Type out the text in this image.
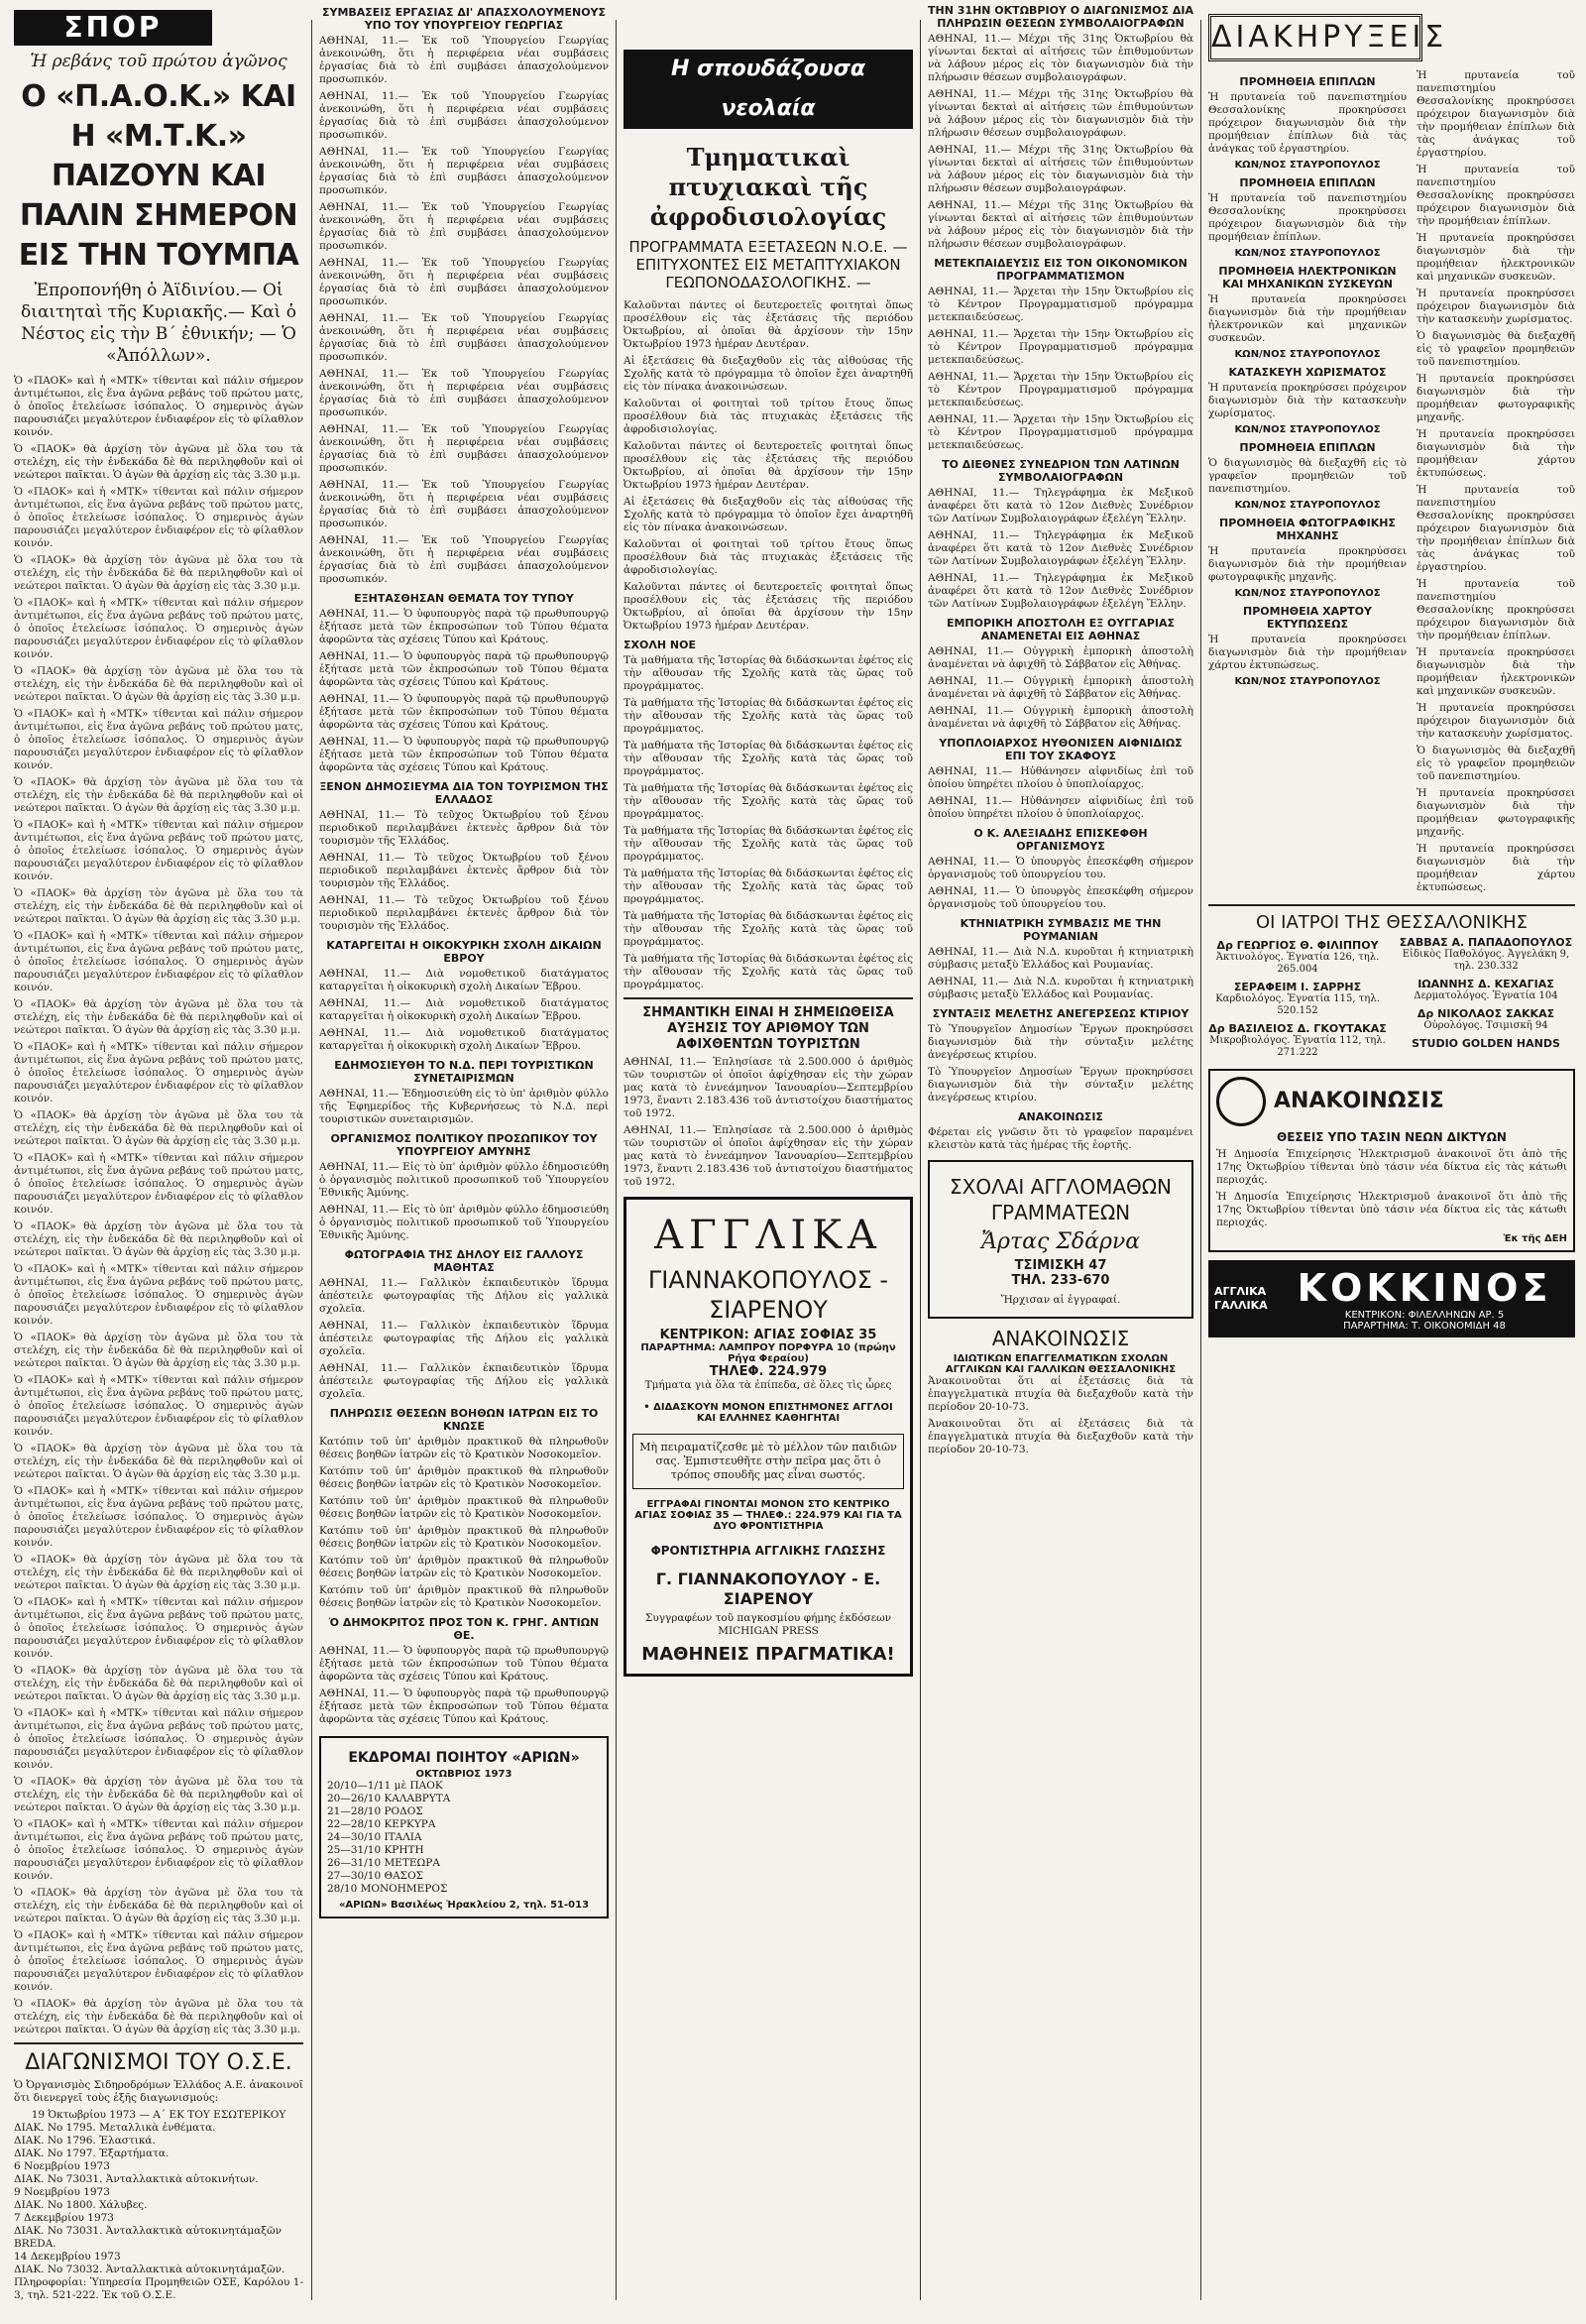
ΣΠΟΡ
Ἡ ρεβάνς τοῦ πρώτου ἀγῶνος
Ο «Π.Α.Ο.Κ.» ΚΑΙ Η «Μ.Τ.Κ.» ΠΑΙΖΟΥΝ ΚΑΙ ΠΑΛΙΝ ΣΗΜΕΡΟΝ ΕΙΣ ΤΗΝ ΤΟΥΜΠΑ
Ἐπροπονήθη ὁ Ἀϊδινίου.— Οἱ διαιτηταὶ τῆς Κυριακῆς.— Καὶ ὁ Νέστος εἰς τὴν Β΄ ἐθνικήν; — Ὁ «Ἀπόλλων».

Ὁ «ΠΑΟΚ» καὶ ἡ «ΜΤΚ» τίθενται καὶ πάλιν σήμερον ἀντιμέτωποι, εἰς ἕνα ἀγῶνα ρεβάνς τοῦ πρώτου ματς, ὁ ὁποῖος ἐτελείωσε ἰσόπαλος. Ὁ σημερινὸς ἀγὼν παρουσιάζει μεγαλύτερον ἐνδιαφέρον εἰς τὸ φίλαθλον κοινόν.

Ὁ «ΠΑΟΚ» θὰ ἀρχίσῃ τὸν ἀγῶνα μὲ ὅλα του τὰ στελέχη, εἰς τὴν ἐνδεκάδα δὲ θὰ περιληφθοῦν καὶ οἱ νεώτεροι παῖκται. Ὁ ἀγὼν θὰ ἀρχίσῃ εἰς τὰς 3.30 μ.μ.

Ὁ «ΠΑΟΚ» καὶ ἡ «ΜΤΚ» τίθενται καὶ πάλιν σήμερον ἀντιμέτωποι, εἰς ἕνα ἀγῶνα ρεβάνς τοῦ πρώτου ματς, ὁ ὁποῖος ἐτελείωσε ἰσόπαλος. Ὁ σημερινὸς ἀγὼν παρουσιάζει μεγαλύτερον ἐνδιαφέρον εἰς τὸ φίλαθλον κοινόν.

Ὁ «ΠΑΟΚ» θὰ ἀρχίσῃ τὸν ἀγῶνα μὲ ὅλα του τὰ στελέχη, εἰς τὴν ἐνδεκάδα δὲ θὰ περιληφθοῦν καὶ οἱ νεώτεροι παῖκται. Ὁ ἀγὼν θὰ ἀρχίσῃ εἰς τὰς 3.30 μ.μ.

Ὁ «ΠΑΟΚ» καὶ ἡ «ΜΤΚ» τίθενται καὶ πάλιν σήμερον ἀντιμέτωποι, εἰς ἕνα ἀγῶνα ρεβάνς τοῦ πρώτου ματς, ὁ ὁποῖος ἐτελείωσε ἰσόπαλος. Ὁ σημερινὸς ἀγὼν παρουσιάζει μεγαλύτερον ἐνδιαφέρον εἰς τὸ φίλαθλον κοινόν.

Ὁ «ΠΑΟΚ» θὰ ἀρχίσῃ τὸν ἀγῶνα μὲ ὅλα του τὰ στελέχη, εἰς τὴν ἐνδεκάδα δὲ θὰ περιληφθοῦν καὶ οἱ νεώτεροι παῖκται. Ὁ ἀγὼν θὰ ἀρχίσῃ εἰς τὰς 3.30 μ.μ.

Ὁ «ΠΑΟΚ» καὶ ἡ «ΜΤΚ» τίθενται καὶ πάλιν σήμερον ἀντιμέτωποι, εἰς ἕνα ἀγῶνα ρεβάνς τοῦ πρώτου ματς, ὁ ὁποῖος ἐτελείωσε ἰσόπαλος. Ὁ σημερινὸς ἀγὼν παρουσιάζει μεγαλύτερον ἐνδιαφέρον εἰς τὸ φίλαθλον κοινόν.

Ὁ «ΠΑΟΚ» θὰ ἀρχίσῃ τὸν ἀγῶνα μὲ ὅλα του τὰ στελέχη, εἰς τὴν ἐνδεκάδα δὲ θὰ περιληφθοῦν καὶ οἱ νεώτεροι παῖκται. Ὁ ἀγὼν θὰ ἀρχίσῃ εἰς τὰς 3.30 μ.μ.

Ὁ «ΠΑΟΚ» καὶ ἡ «ΜΤΚ» τίθενται καὶ πάλιν σήμερον ἀντιμέτωποι, εἰς ἕνα ἀγῶνα ρεβάνς τοῦ πρώτου ματς, ὁ ὁποῖος ἐτελείωσε ἰσόπαλος. Ὁ σημερινὸς ἀγὼν παρουσιάζει μεγαλύτερον ἐνδιαφέρον εἰς τὸ φίλαθλον κοινόν.

Ὁ «ΠΑΟΚ» θὰ ἀρχίσῃ τὸν ἀγῶνα μὲ ὅλα του τὰ στελέχη, εἰς τὴν ἐνδεκάδα δὲ θὰ περιληφθοῦν καὶ οἱ νεώτεροι παῖκται. Ὁ ἀγὼν θὰ ἀρχίσῃ εἰς τὰς 3.30 μ.μ.

Ὁ «ΠΑΟΚ» καὶ ἡ «ΜΤΚ» τίθενται καὶ πάλιν σήμερον ἀντιμέτωποι, εἰς ἕνα ἀγῶνα ρεβάνς τοῦ πρώτου ματς, ὁ ὁποῖος ἐτελείωσε ἰσόπαλος. Ὁ σημερινὸς ἀγὼν παρουσιάζει μεγαλύτερον ἐνδιαφέρον εἰς τὸ φίλαθλον κοινόν.

Ὁ «ΠΑΟΚ» θὰ ἀρχίσῃ τὸν ἀγῶνα μὲ ὅλα του τὰ στελέχη, εἰς τὴν ἐνδεκάδα δὲ θὰ περιληφθοῦν καὶ οἱ νεώτεροι παῖκται. Ὁ ἀγὼν θὰ ἀρχίσῃ εἰς τὰς 3.30 μ.μ.

Ὁ «ΠΑΟΚ» καὶ ἡ «ΜΤΚ» τίθενται καὶ πάλιν σήμερον ἀντιμέτωποι, εἰς ἕνα ἀγῶνα ρεβάνς τοῦ πρώτου ματς, ὁ ὁποῖος ἐτελείωσε ἰσόπαλος. Ὁ σημερινὸς ἀγὼν παρουσιάζει μεγαλύτερον ἐνδιαφέρον εἰς τὸ φίλαθλον κοινόν.

Ὁ «ΠΑΟΚ» θὰ ἀρχίσῃ τὸν ἀγῶνα μὲ ὅλα του τὰ στελέχη, εἰς τὴν ἐνδεκάδα δὲ θὰ περιληφθοῦν καὶ οἱ νεώτεροι παῖκται. Ὁ ἀγὼν θὰ ἀρχίσῃ εἰς τὰς 3.30 μ.μ.

Ὁ «ΠΑΟΚ» καὶ ἡ «ΜΤΚ» τίθενται καὶ πάλιν σήμερον ἀντιμέτωποι, εἰς ἕνα ἀγῶνα ρεβάνς τοῦ πρώτου ματς, ὁ ὁποῖος ἐτελείωσε ἰσόπαλος. Ὁ σημερινὸς ἀγὼν παρουσιάζει μεγαλύτερον ἐνδιαφέρον εἰς τὸ φίλαθλον κοινόν.

Ὁ «ΠΑΟΚ» θὰ ἀρχίσῃ τὸν ἀγῶνα μὲ ὅλα του τὰ στελέχη, εἰς τὴν ἐνδεκάδα δὲ θὰ περιληφθοῦν καὶ οἱ νεώτεροι παῖκται. Ὁ ἀγὼν θὰ ἀρχίσῃ εἰς τὰς 3.30 μ.μ.

Ὁ «ΠΑΟΚ» καὶ ἡ «ΜΤΚ» τίθενται καὶ πάλιν σήμερον ἀντιμέτωποι, εἰς ἕνα ἀγῶνα ρεβάνς τοῦ πρώτου ματς, ὁ ὁποῖος ἐτελείωσε ἰσόπαλος. Ὁ σημερινὸς ἀγὼν παρουσιάζει μεγαλύτερον ἐνδιαφέρον εἰς τὸ φίλαθλον κοινόν.

Ὁ «ΠΑΟΚ» θὰ ἀρχίσῃ τὸν ἀγῶνα μὲ ὅλα του τὰ στελέχη, εἰς τὴν ἐνδεκάδα δὲ θὰ περιληφθοῦν καὶ οἱ νεώτεροι παῖκται. Ὁ ἀγὼν θὰ ἀρχίσῃ εἰς τὰς 3.30 μ.μ.

Ὁ «ΠΑΟΚ» καὶ ἡ «ΜΤΚ» τίθενται καὶ πάλιν σήμερον ἀντιμέτωποι, εἰς ἕνα ἀγῶνα ρεβάνς τοῦ πρώτου ματς, ὁ ὁποῖος ἐτελείωσε ἰσόπαλος. Ὁ σημερινὸς ἀγὼν παρουσιάζει μεγαλύτερον ἐνδιαφέρον εἰς τὸ φίλαθλον κοινόν.

Ὁ «ΠΑΟΚ» θὰ ἀρχίσῃ τὸν ἀγῶνα μὲ ὅλα του τὰ στελέχη, εἰς τὴν ἐνδεκάδα δὲ θὰ περιληφθοῦν καὶ οἱ νεώτεροι παῖκται. Ὁ ἀγὼν θὰ ἀρχίσῃ εἰς τὰς 3.30 μ.μ.

Ὁ «ΠΑΟΚ» καὶ ἡ «ΜΤΚ» τίθενται καὶ πάλιν σήμερον ἀντιμέτωποι, εἰς ἕνα ἀγῶνα ρεβάνς τοῦ πρώτου ματς, ὁ ὁποῖος ἐτελείωσε ἰσόπαλος. Ὁ σημερινὸς ἀγὼν παρουσιάζει μεγαλύτερον ἐνδιαφέρον εἰς τὸ φίλαθλον κοινόν.

Ὁ «ΠΑΟΚ» θὰ ἀρχίσῃ τὸν ἀγῶνα μὲ ὅλα του τὰ στελέχη, εἰς τὴν ἐνδεκάδα δὲ θὰ περιληφθοῦν καὶ οἱ νεώτεροι παῖκται. Ὁ ἀγὼν θὰ ἀρχίσῃ εἰς τὰς 3.30 μ.μ.

Ὁ «ΠΑΟΚ» καὶ ἡ «ΜΤΚ» τίθενται καὶ πάλιν σήμερον ἀντιμέτωποι, εἰς ἕνα ἀγῶνα ρεβάνς τοῦ πρώτου ματς, ὁ ὁποῖος ἐτελείωσε ἰσόπαλος. Ὁ σημερινὸς ἀγὼν παρουσιάζει μεγαλύτερον ἐνδιαφέρον εἰς τὸ φίλαθλον κοινόν.

Ὁ «ΠΑΟΚ» θὰ ἀρχίσῃ τὸν ἀγῶνα μὲ ὅλα του τὰ στελέχη, εἰς τὴν ἐνδεκάδα δὲ θὰ περιληφθοῦν καὶ οἱ νεώτεροι παῖκται. Ὁ ἀγὼν θὰ ἀρχίσῃ εἰς τὰς 3.30 μ.μ.

Ὁ «ΠΑΟΚ» καὶ ἡ «ΜΤΚ» τίθενται καὶ πάλιν σήμερον ἀντιμέτωποι, εἰς ἕνα ἀγῶνα ρεβάνς τοῦ πρώτου ματς, ὁ ὁποῖος ἐτελείωσε ἰσόπαλος. Ὁ σημερινὸς ἀγὼν παρουσιάζει μεγαλύτερον ἐνδιαφέρον εἰς τὸ φίλαθλον κοινόν.

Ὁ «ΠΑΟΚ» θὰ ἀρχίσῃ τὸν ἀγῶνα μὲ ὅλα του τὰ στελέχη, εἰς τὴν ἐνδεκάδα δὲ θὰ περιληφθοῦν καὶ οἱ νεώτεροι παῖκται. Ὁ ἀγὼν θὰ ἀρχίσῃ εἰς τὰς 3.30 μ.μ.

Ὁ «ΠΑΟΚ» καὶ ἡ «ΜΤΚ» τίθενται καὶ πάλιν σήμερον ἀντιμέτωποι, εἰς ἕνα ἀγῶνα ρεβάνς τοῦ πρώτου ματς, ὁ ὁποῖος ἐτελείωσε ἰσόπαλος. Ὁ σημερινὸς ἀγὼν παρουσιάζει μεγαλύτερον ἐνδιαφέρον εἰς τὸ φίλαθλον κοινόν.

Ὁ «ΠΑΟΚ» θὰ ἀρχίσῃ τὸν ἀγῶνα μὲ ὅλα του τὰ στελέχη, εἰς τὴν ἐνδεκάδα δὲ θὰ περιληφθοῦν καὶ οἱ νεώτεροι παῖκται. Ὁ ἀγὼν θὰ ἀρχίσῃ εἰς τὰς 3.30 μ.μ.

Ὁ «ΠΑΟΚ» καὶ ἡ «ΜΤΚ» τίθενται καὶ πάλιν σήμερον ἀντιμέτωποι, εἰς ἕνα ἀγῶνα ρεβάνς τοῦ πρώτου ματς, ὁ ὁποῖος ἐτελείωσε ἰσόπαλος. Ὁ σημερινὸς ἀγὼν παρουσιάζει μεγαλύτερον ἐνδιαφέρον εἰς τὸ φίλαθλον κοινόν.

Ὁ «ΠΑΟΚ» θὰ ἀρχίσῃ τὸν ἀγῶνα μὲ ὅλα του τὰ στελέχη, εἰς τὴν ἐνδεκάδα δὲ θὰ περιληφθοῦν καὶ οἱ νεώτεροι παῖκται. Ὁ ἀγὼν θὰ ἀρχίσῃ εἰς τὰς 3.30 μ.μ.

ΔΙΑΓΩΝΙΣΜΟΙ ΤΟΥ Ο.Σ.Ε.

Ὁ Ὀργανισμὸς Σιδηροδρόμων Ἑλλάδος Α.Ε. ἀνακοινοῖ ὅτι διενεργεῖ τοὺς ἑξῆς διαγωνισμούς:

19 Ὀκτωβρίου 1973 — Α΄ ΕΚ ΤΟΥ ΕΣΩΤΕΡΙΚΟΥ

ΔΙΑΚ. Νο 1795. Μεταλλικὰ ἐνθέματα.

ΔΙΑΚ. Νο 1796. Ἐλαστικά.

ΔΙΑΚ. Νο 1797. Ἐξαρτήματα.

6 Νοεμβρίου 1973

ΔΙΑΚ. Νο 73031. Ἀνταλλακτικὰ αὐτοκινήτων.

9 Νοεμβρίου 1973

ΔΙΑΚ. Νο 1800. Χάλυβες.

7 Δεκεμβρίου 1973

ΔΙΑΚ. Νο 73031. Ἀνταλλακτικὰ αὐτοκινητάμαξῶν BREDA.

14 Δεκεμβρίου 1973

ΔΙΑΚ. Νο 73032. Ἀνταλλακτικὰ αὐτοκινητάμαξῶν.

Πληροφορίαι: Ὑπηρεσία Προμηθειῶν ΟΣΕ, Καρόλου 1-3, τηλ. 521-222. Ἐκ τοῦ Ο.Σ.Ε.

ΣΥΜΒΑΣΕΙΣ ΕΡΓΑΣΙΑΣ ΔΙ' ΑΠΑΣΧΟΛΟΥΜΕΝΟΥΣ ΥΠΟ ΤΟΥ ΥΠΟΥΡΓΕΙΟΥ ΓΕΩΡΓΙΑΣ

ΑΘΗΝΑΙ, 11.— Ἐκ τοῦ Ὑπουργείου Γεωργίας ἀνεκοινώθη, ὅτι ἡ περιφέρεια νέαι συμβάσεις ἐργασίας διὰ τὸ ἐπὶ συμβάσει ἀπασχολούμενον προσωπικόν.

ΑΘΗΝΑΙ, 11.— Ἐκ τοῦ Ὑπουργείου Γεωργίας ἀνεκοινώθη, ὅτι ἡ περιφέρεια νέαι συμβάσεις ἐργασίας διὰ τὸ ἐπὶ συμβάσει ἀπασχολούμενον προσωπικόν.

ΑΘΗΝΑΙ, 11.— Ἐκ τοῦ Ὑπουργείου Γεωργίας ἀνεκοινώθη, ὅτι ἡ περιφέρεια νέαι συμβάσεις ἐργασίας διὰ τὸ ἐπὶ συμβάσει ἀπασχολούμενον προσωπικόν.

ΑΘΗΝΑΙ, 11.— Ἐκ τοῦ Ὑπουργείου Γεωργίας ἀνεκοινώθη, ὅτι ἡ περιφέρεια νέαι συμβάσεις ἐργασίας διὰ τὸ ἐπὶ συμβάσει ἀπασχολούμενον προσωπικόν.

ΑΘΗΝΑΙ, 11.— Ἐκ τοῦ Ὑπουργείου Γεωργίας ἀνεκοινώθη, ὅτι ἡ περιφέρεια νέαι συμβάσεις ἐργασίας διὰ τὸ ἐπὶ συμβάσει ἀπασχολούμενον προσωπικόν.

ΑΘΗΝΑΙ, 11.— Ἐκ τοῦ Ὑπουργείου Γεωργίας ἀνεκοινώθη, ὅτι ἡ περιφέρεια νέαι συμβάσεις ἐργασίας διὰ τὸ ἐπὶ συμβάσει ἀπασχολούμενον προσωπικόν.

ΑΘΗΝΑΙ, 11.— Ἐκ τοῦ Ὑπουργείου Γεωργίας ἀνεκοινώθη, ὅτι ἡ περιφέρεια νέαι συμβάσεις ἐργασίας διὰ τὸ ἐπὶ συμβάσει ἀπασχολούμενον προσωπικόν.

ΑΘΗΝΑΙ, 11.— Ἐκ τοῦ Ὑπουργείου Γεωργίας ἀνεκοινώθη, ὅτι ἡ περιφέρεια νέαι συμβάσεις ἐργασίας διὰ τὸ ἐπὶ συμβάσει ἀπασχολούμενον προσωπικόν.

ΑΘΗΝΑΙ, 11.— Ἐκ τοῦ Ὑπουργείου Γεωργίας ἀνεκοινώθη, ὅτι ἡ περιφέρεια νέαι συμβάσεις ἐργασίας διὰ τὸ ἐπὶ συμβάσει ἀπασχολούμενον προσωπικόν.

ΑΘΗΝΑΙ, 11.— Ἐκ τοῦ Ὑπουργείου Γεωργίας ἀνεκοινώθη, ὅτι ἡ περιφέρεια νέαι συμβάσεις ἐργασίας διὰ τὸ ἐπὶ συμβάσει ἀπασχολούμενον προσωπικόν.

ΕΞΗΤΑΣΘΗΣΑΝ ΘΕΜΑΤΑ ΤΟΥ ΤΥΠΟΥ

ΑΘΗΝΑΙ, 11.— Ὁ ὑφυπουργὸς παρὰ τῷ πρωθυπουργῷ ἐξήτασε μετὰ τῶν ἐκπροσώπων τοῦ Τύπου θέματα ἀφορῶντα τὰς σχέσεις Τύπου καὶ Κράτους.

ΑΘΗΝΑΙ, 11.— Ὁ ὑφυπουργὸς παρὰ τῷ πρωθυπουργῷ ἐξήτασε μετὰ τῶν ἐκπροσώπων τοῦ Τύπου θέματα ἀφορῶντα τὰς σχέσεις Τύπου καὶ Κράτους.

ΑΘΗΝΑΙ, 11.— Ὁ ὑφυπουργὸς παρὰ τῷ πρωθυπουργῷ ἐξήτασε μετὰ τῶν ἐκπροσώπων τοῦ Τύπου θέματα ἀφορῶντα τὰς σχέσεις Τύπου καὶ Κράτους.

ΑΘΗΝΑΙ, 11.— Ὁ ὑφυπουργὸς παρὰ τῷ πρωθυπουργῷ ἐξήτασε μετὰ τῶν ἐκπροσώπων τοῦ Τύπου θέματα ἀφορῶντα τὰς σχέσεις Τύπου καὶ Κράτους.

ΞΕΝΟΝ ΔΗΜΟΣΙΕΥΜΑ ΔΙΑ ΤΟΝ ΤΟΥΡΙΣΜΟΝ ΤΗΣ ΕΛΛΑΔΟΣ

ΑΘΗΝΑΙ, 11.— Τὸ τεῦχος Ὀκτωβρίου τοῦ ξένου περιοδικοῦ περιλαμβάνει ἐκτενὲς ἄρθρον διὰ τὸν τουρισμὸν τῆς Ἑλλάδος.

ΑΘΗΝΑΙ, 11.— Τὸ τεῦχος Ὀκτωβρίου τοῦ ξένου περιοδικοῦ περιλαμβάνει ἐκτενὲς ἄρθρον διὰ τὸν τουρισμὸν τῆς Ἑλλάδος.

ΑΘΗΝΑΙ, 11.— Τὸ τεῦχος Ὀκτωβρίου τοῦ ξένου περιοδικοῦ περιλαμβάνει ἐκτενὲς ἄρθρον διὰ τὸν τουρισμὸν τῆς Ἑλλάδος.

ΚΑΤΑΡΓΕΙΤΑΙ Η ΟΙΚΟΚΥΡΙΚΗ ΣΧΟΛΗ ΔΙΚΑΙΩΝ ΕΒΡΟΥ

ΑΘΗΝΑΙ, 11.— Διὰ νομοθετικοῦ διατάγματος καταργεῖται ἡ οἰκοκυρικὴ σχολὴ Δικαίων Ἔβρου.

ΑΘΗΝΑΙ, 11.— Διὰ νομοθετικοῦ διατάγματος καταργεῖται ἡ οἰκοκυρικὴ σχολὴ Δικαίων Ἔβρου.

ΑΘΗΝΑΙ, 11.— Διὰ νομοθετικοῦ διατάγματος καταργεῖται ἡ οἰκοκυρικὴ σχολὴ Δικαίων Ἔβρου.

ΕΔΗΜΟΣΙΕΥΘΗ ΤΟ Ν.Δ. ΠΕΡΙ ΤΟΥΡΙΣΤΙΚΩΝ ΣΥΝΕΤΑΙΡΙΣΜΩΝ

ΑΘΗΝΑΙ, 11.— Ἐδημοσιεύθη εἰς τὸ ὑπ' ἀριθμὸν φύλλο τῆς Ἐφημερίδος τῆς Κυβερνήσεως τὸ Ν.Δ. περὶ τουριστικῶν συνεταιρισμῶν.

ΟΡΓΑΝΙΣΜΟΣ ΠΟΛΙΤΙΚΟΥ ΠΡΟΣΩΠΙΚΟΥ ΤΟΥ ΥΠΟΥΡΓΕΙΟΥ ΑΜΥΝΗΣ

ΑΘΗΝΑΙ, 11.— Εἰς τὸ ὑπ' ἀριθμὸν φύλλο ἐδημοσιεύθη ὁ ὀργανισμὸς πολιτικοῦ προσωπικοῦ τοῦ Ὑπουργείου Ἐθνικῆς Ἀμύνης.

ΑΘΗΝΑΙ, 11.— Εἰς τὸ ὑπ' ἀριθμὸν φύλλο ἐδημοσιεύθη ὁ ὀργανισμὸς πολιτικοῦ προσωπικοῦ τοῦ Ὑπουργείου Ἐθνικῆς Ἀμύνης.

ΦΩΤΟΓΡΑΦΙΑ ΤΗΣ ΔΗΛΟΥ ΕΙΣ ΓΑΛΛΟΥΣ ΜΑΘΗΤΑΣ

ΑΘΗΝΑΙ, 11.— Γαλλικὸν ἐκπαιδευτικὸν ἵδρυμα ἀπέστειλε φωτογραφίας τῆς Δήλου εἰς γαλλικὰ σχολεῖα.

ΑΘΗΝΑΙ, 11.— Γαλλικὸν ἐκπαιδευτικὸν ἵδρυμα ἀπέστειλε φωτογραφίας τῆς Δήλου εἰς γαλλικὰ σχολεῖα.

ΑΘΗΝΑΙ, 11.— Γαλλικὸν ἐκπαιδευτικὸν ἵδρυμα ἀπέστειλε φωτογραφίας τῆς Δήλου εἰς γαλλικὰ σχολεῖα.

ΠΛΗΡΩΣΙΣ ΘΕΣΕΩΝ ΒΟΗΘΩΝ ΙΑΤΡΩΝ ΕΙΣ ΤΟ ΚΝΩΣΕ

Κατόπιν τοῦ ὑπ' ἀριθμὸν πρακτικοῦ θὰ πληρωθοῦν θέσεις βοηθῶν ἰατρῶν εἰς τὸ Κρατικὸν Νοσοκομεῖον.

Κατόπιν τοῦ ὑπ' ἀριθμὸν πρακτικοῦ θὰ πληρωθοῦν θέσεις βοηθῶν ἰατρῶν εἰς τὸ Κρατικὸν Νοσοκομεῖον.

Κατόπιν τοῦ ὑπ' ἀριθμὸν πρακτικοῦ θὰ πληρωθοῦν θέσεις βοηθῶν ἰατρῶν εἰς τὸ Κρατικὸν Νοσοκομεῖον.

Κατόπιν τοῦ ὑπ' ἀριθμὸν πρακτικοῦ θὰ πληρωθοῦν θέσεις βοηθῶν ἰατρῶν εἰς τὸ Κρατικὸν Νοσοκομεῖον.

Κατόπιν τοῦ ὑπ' ἀριθμὸν πρακτικοῦ θὰ πληρωθοῦν θέσεις βοηθῶν ἰατρῶν εἰς τὸ Κρατικὸν Νοσοκομεῖον.

Κατόπιν τοῦ ὑπ' ἀριθμὸν πρακτικοῦ θὰ πληρωθοῦν θέσεις βοηθῶν ἰατρῶν εἰς τὸ Κρατικὸν Νοσοκομεῖον.

Ὁ ΔΗΜΟΚΡΙΤΟΣ ΠΡΟΣ ΤΟΝ Κ. ΓΡΗΓ. ΑΝΤΙΩΝ ΘΕ.

ΑΘΗΝΑΙ, 11.— Ὁ ὑφυπουργὸς παρὰ τῷ πρωθυπουργῷ ἐξήτασε μετὰ τῶν ἐκπροσώπων τοῦ Τύπου θέματα ἀφορῶντα τὰς σχέσεις Τύπου καὶ Κράτους.

ΑΘΗΝΑΙ, 11.— Ὁ ὑφυπουργὸς παρὰ τῷ πρωθυπουργῷ ἐξήτασε μετὰ τῶν ἐκπροσώπων τοῦ Τύπου θέματα ἀφορῶντα τὰς σχέσεις Τύπου καὶ Κράτους.

ΕΚΔΡΟΜΑΙ ΠΟΙΗΤΟΥ «ΑΡΙΩΝ»
ΟΚΤΩΒΡΙΟΣ 1973

20/10—1/11 μὲ ΠΑΟΚ

20—26/10 ΚΑΛΑΒΡΥΤΑ

21—28/10 ΡΟΔΟΣ

22—28/10 ΚΕΡΚΥΡΑ

24—30/10 ΙΤΑΛΙΑ

25—31/10 ΚΡΗΤΗ

26—31/10 ΜΕΤΕΩΡΑ

27—30/10 ΘΑΣΟΣ

28/10 ΜΟΝΟΗΜΕΡΟΣ

«ΑΡΙΩΝ» Βασιλέως Ἡρακλείου 2, τηλ. 51-013
Η σπουδάζουσα νεολαία
Τμηματικαὶ πτυχιακαὶ τῆς ἀφροδισιολογίας
ΠΡΟΓΡΑΜΜΑΤΑ ΕΞΕΤΑΣΕΩΝ Ν.Ο.Ε. — ΕΠΙΤΥΧΟΝΤΕΣ ΕΙΣ ΜΕΤΑΠΤΥΧΙΑΚΟΝ ΓΕΩΠΟΝΟΔΑΣΟΛΟΓΙΚΗΣ. —

Καλοῦνται πάντες οἱ δευτεροετεῖς φοιτηταὶ ὅπως προσέλθουν εἰς τὰς ἐξετάσεις τῆς περιόδου Ὀκτωβρίου, αἱ ὁποῖαι θὰ ἀρχίσουν τὴν 15ην Ὀκτωβρίου 1973 ἡμέραν Δευτέραν.

Αἱ ἐξετάσεις θὰ διεξαχθοῦν εἰς τὰς αἰθούσας τῆς Σχολῆς κατὰ τὸ πρόγραμμα τὸ ὁποῖον ἔχει ἀναρτηθῆ εἰς τὸν πίνακα ἀνακοινώσεων.

Καλοῦνται οἱ φοιτηταὶ τοῦ τρίτου ἔτους ὅπως προσέλθουν διὰ τὰς πτυχιακὰς ἐξετάσεις τῆς ἀφροδισιολογίας.

Καλοῦνται πάντες οἱ δευτεροετεῖς φοιτηταὶ ὅπως προσέλθουν εἰς τὰς ἐξετάσεις τῆς περιόδου Ὀκτωβρίου, αἱ ὁποῖαι θὰ ἀρχίσουν τὴν 15ην Ὀκτωβρίου 1973 ἡμέραν Δευτέραν.

Αἱ ἐξετάσεις θὰ διεξαχθοῦν εἰς τὰς αἰθούσας τῆς Σχολῆς κατὰ τὸ πρόγραμμα τὸ ὁποῖον ἔχει ἀναρτηθῆ εἰς τὸν πίνακα ἀνακοινώσεων.

Καλοῦνται οἱ φοιτηταὶ τοῦ τρίτου ἔτους ὅπως προσέλθουν διὰ τὰς πτυχιακὰς ἐξετάσεις τῆς ἀφροδισιολογίας.

Καλοῦνται πάντες οἱ δευτεροετεῖς φοιτηταὶ ὅπως προσέλθουν εἰς τὰς ἐξετάσεις τῆς περιόδου Ὀκτωβρίου, αἱ ὁποῖαι θὰ ἀρχίσουν τὴν 15ην Ὀκτωβρίου 1973 ἡμέραν Δευτέραν.

ΣΧΟΛΗ ΝΟΕ

Τὰ μαθήματα τῆς Ἱστορίας θὰ διδάσκωνται ἐφέτος εἰς τὴν αἴθουσαν τῆς Σχολῆς κατὰ τὰς ὥρας τοῦ προγράμματος.

Τὰ μαθήματα τῆς Ἱστορίας θὰ διδάσκωνται ἐφέτος εἰς τὴν αἴθουσαν τῆς Σχολῆς κατὰ τὰς ὥρας τοῦ προγράμματος.

Τὰ μαθήματα τῆς Ἱστορίας θὰ διδάσκωνται ἐφέτος εἰς τὴν αἴθουσαν τῆς Σχολῆς κατὰ τὰς ὥρας τοῦ προγράμματος.

Τὰ μαθήματα τῆς Ἱστορίας θὰ διδάσκωνται ἐφέτος εἰς τὴν αἴθουσαν τῆς Σχολῆς κατὰ τὰς ὥρας τοῦ προγράμματος.

Τὰ μαθήματα τῆς Ἱστορίας θὰ διδάσκωνται ἐφέτος εἰς τὴν αἴθουσαν τῆς Σχολῆς κατὰ τὰς ὥρας τοῦ προγράμματος.

Τὰ μαθήματα τῆς Ἱστορίας θὰ διδάσκωνται ἐφέτος εἰς τὴν αἴθουσαν τῆς Σχολῆς κατὰ τὰς ὥρας τοῦ προγράμματος.

Τὰ μαθήματα τῆς Ἱστορίας θὰ διδάσκωνται ἐφέτος εἰς τὴν αἴθουσαν τῆς Σχολῆς κατὰ τὰς ὥρας τοῦ προγράμματος.

Τὰ μαθήματα τῆς Ἱστορίας θὰ διδάσκωνται ἐφέτος εἰς τὴν αἴθουσαν τῆς Σχολῆς κατὰ τὰς ὥρας τοῦ προγράμματος.

ΣΗΜΑΝΤΙΚΗ ΕΙΝΑΙ Η ΣΗΜΕΙΩΘΕΙΣΑ ΑΥΞΗΣΙΣ ΤΟΥ ΑΡΙΘΜΟΥ ΤΩΝ ΑΦΙΧΘΕΝΤΩΝ ΤΟΥΡΙΣΤΩΝ

ΑΘΗΝΑΙ, 11.— Ἐπλησίασε τὰ 2.500.000 ὁ ἀριθμὸς τῶν τουριστῶν οἱ ὁποῖοι ἀφίχθησαν εἰς τὴν χώραν μας κατὰ τὸ ἐννεάμηνον Ἰανουαρίου—Σεπτεμβρίου 1973, ἔναντι 2.183.436 τοῦ ἀντιστοίχου διαστήματος τοῦ 1972.

ΑΘΗΝΑΙ, 11.— Ἐπλησίασε τὰ 2.500.000 ὁ ἀριθμὸς τῶν τουριστῶν οἱ ὁποῖοι ἀφίχθησαν εἰς τὴν χώραν μας κατὰ τὸ ἐννεάμηνον Ἰανουαρίου—Σεπτεμβρίου 1973, ἔναντι 2.183.436 τοῦ ἀντιστοίχου διαστήματος τοῦ 1972.

ΑΓΓΛΙΚΑ
ΓΙΑΝΝΑΚΟΠΟΥΛΟΣ - ΣΙΑΡΕΝΟΥ
ΚΕΝΤΡΙΚΟΝ: ΑΓΙΑΣ ΣΟΦΙΑΣ 35
ΠΑΡΑΡΤΗΜΑ: ΛΑΜΠΡΟΥ ΠΟΡΦΥΡΑ 10 (πρώην Ρήγα Φεραίου)
ΤΗΛΕΦ. 224.979

Τμήματα γιὰ ὅλα τὰ ἐπίπεδα, σὲ ὅλες τὶς ὧρες

• ΔΙΔΑΣΚΟΥΝ ΜΟΝΟΝ ΕΠΙΣΤΗΜΟΝΕΣ ΑΓΓΛΟΙ ΚΑΙ ΕΛΛΗΝΕΣ ΚΑΘΗΓΗΤΑΙ

Μὴ πειραματίζεσθε μὲ τὸ μέλλον τῶν παιδιῶν σας. Ἐμπιστευθῆτε στὴν πεῖρα μας ὅτι ὁ τρόπος σπουδῆς μας εἶναι σωστός.

ΕΓΓΡΑΦΑΙ ΓΙΝΟΝΤΑΙ ΜΟΝΟΝ ΣΤΟ ΚΕΝΤΡΙΚΟ ΑΓΙΑΣ ΣΟΦΙΑΣ 35 — ΤΗΛΕΦ.: 224.979 ΚΑΙ ΓΙΑ ΤΑ ΔΥΟ ΦΡΟΝΤΙΣΤΗΡΙΑ

ΦΡΟΝΤΙΣΤΗΡΙΑ ΑΓΓΛΙΚΗΣ ΓΛΩΣΣΗΣ

Γ. ΓΙΑΝΝΑΚΟΠΟΥΛΟΥ - Ε. ΣΙΑΡΕΝΟΥ

Συγγραφέων τοῦ παγκοσμίου φήμης ἐκδόσεων MICHIGAN PRESS

ΜΑΘΗΝΕΙΣ ΠΡΑΓΜΑΤΙΚΑ!
ΤΗΝ 31ΗΝ ΟΚΤΩΒΡΙΟΥ Ο ΔΙΑΓΩΝΙΣΜΟΣ ΔΙΑ ΠΛΗΡΩΣΙΝ ΘΕΣΕΩΝ ΣΥΜΒΟΛΑΙΟΓΡΑΦΩΝ

ΑΘΗΝΑΙ, 11.— Μέχρι τῆς 31ης Ὀκτωβρίου θὰ γίνωνται δεκταὶ αἱ αἰτήσεις τῶν ἐπιθυμούντων νὰ λάβουν μέρος εἰς τὸν διαγωνισμὸν διὰ τὴν πλήρωσιν θέσεων συμβολαιογράφων.

ΑΘΗΝΑΙ, 11.— Μέχρι τῆς 31ης Ὀκτωβρίου θὰ γίνωνται δεκταὶ αἱ αἰτήσεις τῶν ἐπιθυμούντων νὰ λάβουν μέρος εἰς τὸν διαγωνισμὸν διὰ τὴν πλήρωσιν θέσεων συμβολαιογράφων.

ΑΘΗΝΑΙ, 11.— Μέχρι τῆς 31ης Ὀκτωβρίου θὰ γίνωνται δεκταὶ αἱ αἰτήσεις τῶν ἐπιθυμούντων νὰ λάβουν μέρος εἰς τὸν διαγωνισμὸν διὰ τὴν πλήρωσιν θέσεων συμβολαιογράφων.

ΑΘΗΝΑΙ, 11.— Μέχρι τῆς 31ης Ὀκτωβρίου θὰ γίνωνται δεκταὶ αἱ αἰτήσεις τῶν ἐπιθυμούντων νὰ λάβουν μέρος εἰς τὸν διαγωνισμὸν διὰ τὴν πλήρωσιν θέσεων συμβολαιογράφων.

ΜΕΤΕΚΠΑΙΔΕΥΣΙΣ ΕΙΣ ΤΟΝ ΟΙΚΟΝΟΜΙΚΟΝ ΠΡΟΓΡΑΜΜΑΤΙΣΜΟΝ

ΑΘΗΝΑΙ, 11.— Ἄρχεται τὴν 15ην Ὀκτωβρίου εἰς τὸ Κέντρον Προγραμματισμοῦ πρόγραμμα μετεκπαιδεύσεως.

ΑΘΗΝΑΙ, 11.— Ἄρχεται τὴν 15ην Ὀκτωβρίου εἰς τὸ Κέντρον Προγραμματισμοῦ πρόγραμμα μετεκπαιδεύσεως.

ΑΘΗΝΑΙ, 11.— Ἄρχεται τὴν 15ην Ὀκτωβρίου εἰς τὸ Κέντρον Προγραμματισμοῦ πρόγραμμα μετεκπαιδεύσεως.

ΑΘΗΝΑΙ, 11.— Ἄρχεται τὴν 15ην Ὀκτωβρίου εἰς τὸ Κέντρον Προγραμματισμοῦ πρόγραμμα μετεκπαιδεύσεως.

ΤΟ ΔΙΕΘΝΕΣ ΣΥΝΕΔΡΙΟΝ ΤΩΝ ΛΑΤΙΝΩΝ ΣΥΜΒΟΛΑΙΟΓΡΑΦΩΝ

ΑΘΗΝΑΙ, 11.— Τηλεγράφημα ἐκ Μεξικοῦ ἀναφέρει ὅτι κατὰ τὸ 12ον Διεθνὲς Συνέδριον τῶν Λατίνων Συμβολαιογράφων ἐξελέγη Ἕλλην.

ΑΘΗΝΑΙ, 11.— Τηλεγράφημα ἐκ Μεξικοῦ ἀναφέρει ὅτι κατὰ τὸ 12ον Διεθνὲς Συνέδριον τῶν Λατίνων Συμβολαιογράφων ἐξελέγη Ἕλλην.

ΑΘΗΝΑΙ, 11.— Τηλεγράφημα ἐκ Μεξικοῦ ἀναφέρει ὅτι κατὰ τὸ 12ον Διεθνὲς Συνέδριον τῶν Λατίνων Συμβολαιογράφων ἐξελέγη Ἕλλην.

ΕΜΠΟΡΙΚΗ ΑΠΟΣΤΟΛΗ ΕΞ ΟΥΓΓΑΡΙΑΣ ΑΝΑΜΕΝΕΤΑΙ ΕΙΣ ΑΘΗΝΑΣ

ΑΘΗΝΑΙ, 11.— Οὐγγρικὴ ἐμπορικὴ ἀποστολὴ ἀναμένεται νὰ ἀφιχθῆ τὸ Σάββατον εἰς Ἀθήνας.

ΑΘΗΝΑΙ, 11.— Οὐγγρικὴ ἐμπορικὴ ἀποστολὴ ἀναμένεται νὰ ἀφιχθῆ τὸ Σάββατον εἰς Ἀθήνας.

ΑΘΗΝΑΙ, 11.— Οὐγγρικὴ ἐμπορικὴ ἀποστολὴ ἀναμένεται νὰ ἀφιχθῆ τὸ Σάββατον εἰς Ἀθήνας.

ΥΠΟΠΛΟΙΑΡΧΟΣ ΗΥΘΟΝΙΣΕΝ ΑΙΦΝΙΔΙΩΣ ΕΠΙ ΤΟΥ ΣΚΑΦΟΥΣ

ΑΘΗΝΑΙ, 11.— Ηὐθάνησεν αἰφνιδίως ἐπὶ τοῦ ὁποίου ὑπηρέτει πλοίου ὁ ὑποπλοίαρχος.

ΑΘΗΝΑΙ, 11.— Ηὐθάνησεν αἰφνιδίως ἐπὶ τοῦ ὁποίου ὑπηρέτει πλοίου ὁ ὑποπλοίαρχος.

Ο Κ. ΑΛΕΞΙΑΔΗΣ ΕΠΙΣΚΕΦΘΗ ΟΡΓΑΝΙΣΜΟΥΣ

ΑΘΗΝΑΙ, 11.— Ὁ ὑπουργὸς ἐπεσκέφθη σήμερον ὀργανισμοὺς τοῦ ὑπουργείου του.

ΑΘΗΝΑΙ, 11.— Ὁ ὑπουργὸς ἐπεσκέφθη σήμερον ὀργανισμοὺς τοῦ ὑπουργείου του.

ΚΤΗΝΙΑΤΡΙΚΗ ΣΥΜΒΑΣΙΣ ΜΕ ΤΗΝ ΡΟΥΜΑΝΙΑΝ

ΑΘΗΝΑΙ, 11.— Διὰ Ν.Δ. κυροῦται ἡ κτηνιατρικὴ σύμβασις μεταξὺ Ἑλλάδος καὶ Ρουμανίας.

ΑΘΗΝΑΙ, 11.— Διὰ Ν.Δ. κυροῦται ἡ κτηνιατρικὴ σύμβασις μεταξὺ Ἑλλάδος καὶ Ρουμανίας.

ΣΥΝΤΑΞΙΣ ΜΕΛΕΤΗΣ ΑΝΕΓΕΡΣΕΩΣ ΚΤΙΡΙΟΥ

Τὸ Ὑπουργεῖον Δημοσίων Ἔργων προκηρύσσει διαγωνισμὸν διὰ τὴν σύνταξιν μελέτης ἀνεγέρσεως κτιρίου.

Τὸ Ὑπουργεῖον Δημοσίων Ἔργων προκηρύσσει διαγωνισμὸν διὰ τὴν σύνταξιν μελέτης ἀνεγέρσεως κτιρίου.

ΑΝΑΚΟΙΝΩΣΙΣ

Φέρεται εἰς γνῶσιν ὅτι τὸ γραφεῖον παραμένει κλειστὸν κατὰ τὰς ἡμέρας τῆς ἑορτῆς.

ΣΧΟΛΑΙ ΑΓΓΛΟΜΑΘΩΝ ΓΡΑΜΜΑΤΕΩΝ
Ἄρτας Σδάρνα
ΤΣΙΜΙΣΚΗ 47
ΤΗΛ. 233-670

Ἤρχισαν αἱ ἐγγραφαί.

ΑΝΑΚΟΙΝΩΣΙΣ
ΙΔΙΩΤΙΚΩΝ ΕΠΑΓΓΕΛΜΑΤΙΚΩΝ ΣΧΟΛΩΝ ΑΓΓΛΙΚΩΝ ΚΑΙ ΓΑΛΛΙΚΩΝ ΘΕΣΣΑΛΟΝΙΚΗΣ

Ἀνακοινοῦται ὅτι αἱ ἐξετάσεις διὰ τὰ ἐπαγγελματικὰ πτυχία θὰ διεξαχθοῦν κατὰ τὴν περίοδον 20-10-73.

Ἀνακοινοῦται ὅτι αἱ ἐξετάσεις διὰ τὰ ἐπαγγελματικὰ πτυχία θὰ διεξαχθοῦν κατὰ τὴν περίοδον 20-10-73.

ΔΙΑΚΗΡΥΞΕΙΣ
ΠΡΟΜΗΘΕΙΑ ΕΠΙΠΛΩΝ

Ἡ πρυτανεία τοῦ πανεπιστημίου Θεσσαλονίκης προκηρύσσει πρόχειρον διαγωνισμὸν διὰ τὴν προμήθειαν ἐπίπλων διὰ τὰς ἀνάγκας τοῦ ἐργαστηρίου.

ΚΩΝ/ΝΟΣ ΣΤΑΥΡΟΠΟΥΛΟΣ
ΠΡΟΜΗΘΕΙΑ ΕΠΙΠΛΩΝ

Ἡ πρυτανεία τοῦ πανεπιστημίου Θεσσαλονίκης προκηρύσσει πρόχειρον διαγωνισμὸν διὰ τὴν προμήθειαν ἐπίπλων.

ΚΩΝ/ΝΟΣ ΣΤΑΥΡΟΠΟΥΛΟΣ
ΠΡΟΜΗΘΕΙΑ ΗΛΕΚΤΡΟΝΙΚΩΝ ΚΑΙ ΜΗΧΑΝΙΚΩΝ ΣΥΣΚΕΥΩΝ

Ἡ πρυτανεία προκηρύσσει διαγωνισμὸν διὰ τὴν προμήθειαν ἠλεκτρονικῶν καὶ μηχανικῶν συσκευῶν.

ΚΩΝ/ΝΟΣ ΣΤΑΥΡΟΠΟΥΛΟΣ
ΚΑΤΑΣΚΕΥΗ ΧΩΡΙΣΜΑΤΟΣ

Ἡ πρυτανεία προκηρύσσει πρόχειρον διαγωνισμὸν διὰ τὴν κατασκευὴν χωρίσματος.

ΚΩΝ/ΝΟΣ ΣΤΑΥΡΟΠΟΥΛΟΣ
ΠΡΟΜΗΘΕΙΑ ΕΠΙΠΛΩΝ

Ὁ διαγωνισμὸς θὰ διεξαχθῆ εἰς τὸ γραφεῖον προμηθειῶν τοῦ πανεπιστημίου.

ΚΩΝ/ΝΟΣ ΣΤΑΥΡΟΠΟΥΛΟΣ
ΠΡΟΜΗΘΕΙΑ ΦΩΤΟΓΡΑΦΙΚΗΣ ΜΗΧΑΝΗΣ

Ἡ πρυτανεία προκηρύσσει διαγωνισμὸν διὰ τὴν προμήθειαν φωτογραφικῆς μηχανῆς.

ΚΩΝ/ΝΟΣ ΣΤΑΥΡΟΠΟΥΛΟΣ
ΠΡΟΜΗΘΕΙΑ ΧΑΡΤΟΥ ΕΚΤΥΠΩΣΕΩΣ

Ἡ πρυτανεία προκηρύσσει διαγωνισμὸν διὰ τὴν προμήθειαν χάρτου ἐκτυπώσεως.

ΚΩΝ/ΝΟΣ ΣΤΑΥΡΟΠΟΥΛΟΣ

Ἡ πρυτανεία τοῦ πανεπιστημίου Θεσσαλονίκης προκηρύσσει πρόχειρον διαγωνισμὸν διὰ τὴν προμήθειαν ἐπίπλων διὰ τὰς ἀνάγκας τοῦ ἐργαστηρίου.

Ἡ πρυτανεία τοῦ πανεπιστημίου Θεσσαλονίκης προκηρύσσει πρόχειρον διαγωνισμὸν διὰ τὴν προμήθειαν ἐπίπλων.

Ἡ πρυτανεία προκηρύσσει διαγωνισμὸν διὰ τὴν προμήθειαν ἠλεκτρονικῶν καὶ μηχανικῶν συσκευῶν.

Ἡ πρυτανεία προκηρύσσει πρόχειρον διαγωνισμὸν διὰ τὴν κατασκευὴν χωρίσματος.

Ὁ διαγωνισμὸς θὰ διεξαχθῆ εἰς τὸ γραφεῖον προμηθειῶν τοῦ πανεπιστημίου.

Ἡ πρυτανεία προκηρύσσει διαγωνισμὸν διὰ τὴν προμήθειαν φωτογραφικῆς μηχανῆς.

Ἡ πρυτανεία προκηρύσσει διαγωνισμὸν διὰ τὴν προμήθειαν χάρτου ἐκτυπώσεως.

Ἡ πρυτανεία τοῦ πανεπιστημίου Θεσσαλονίκης προκηρύσσει πρόχειρον διαγωνισμὸν διὰ τὴν προμήθειαν ἐπίπλων διὰ τὰς ἀνάγκας τοῦ ἐργαστηρίου.

Ἡ πρυτανεία τοῦ πανεπιστημίου Θεσσαλονίκης προκηρύσσει πρόχειρον διαγωνισμὸν διὰ τὴν προμήθειαν ἐπίπλων.

Ἡ πρυτανεία προκηρύσσει διαγωνισμὸν διὰ τὴν προμήθειαν ἠλεκτρονικῶν καὶ μηχανικῶν συσκευῶν.

Ἡ πρυτανεία προκηρύσσει πρόχειρον διαγωνισμὸν διὰ τὴν κατασκευὴν χωρίσματος.

Ὁ διαγωνισμὸς θὰ διεξαχθῆ εἰς τὸ γραφεῖον προμηθειῶν τοῦ πανεπιστημίου.

Ἡ πρυτανεία προκηρύσσει διαγωνισμὸν διὰ τὴν προμήθειαν φωτογραφικῆς μηχανῆς.

Ἡ πρυτανεία προκηρύσσει διαγωνισμὸν διὰ τὴν προμήθειαν χάρτου ἐκτυπώσεως.

ΟΙ ΙΑΤΡΟΙ ΤΗΣ ΘΕΣΣΑΛΟΝΙΚΗΣ
Δρ ΓΕΩΡΓΙΟΣ Θ. ΦΙΛΙΠΠΟΥ
Ἀκτινολόγος. Ἐγνατία 126, τηλ. 265.004
ΣΕΡΑΦΕΙΜ Ι. ΣΑΡΡΗΣ
Καρδιολόγος. Ἐγνατία 115, τηλ. 520.152
Δρ ΒΑΣΙΛΕΙΟΣ Δ. ΓΚΟΥΤΑΚΑΣ
Μικροβιολόγος. Ἐγνατία 112, τηλ. 271.222
ΣΑΒΒΑΣ Α. ΠΑΠΑΔΟΠΟΥΛΟΣ
Εἰδικὸς Παθολόγος. Ἀγγελάκη 9, τηλ. 230.332
ΙΩΑΝΝΗΣ Δ. ΚΕΧΑΓΙΑΣ
Δερματολόγος. Ἐγνατία 104
Δρ ΝΙΚΟΛΑΟΣ ΣΑΚΚΑΣ
Οὐρολόγος. Τσιμισκῆ 94
STUDIO GOLDEN HANDS
ΑΝΑΚΟΙΝΩΣΙΣ
ΘΕΣΕΙΣ ΥΠΟ ΤΑΣΙΝ ΝΕΩΝ ΔΙΚΤΥΩΝ

Ἡ Δημοσία Ἐπιχείρησις Ἠλεκτρισμοῦ ἀνακοινοῖ ὅτι ἀπὸ τῆς 17ης Ὀκτωβρίου τίθενται ὑπὸ τάσιν νέα δίκτυα εἰς τὰς κάτωθι περιοχάς.

Ἡ Δημοσία Ἐπιχείρησις Ἠλεκτρισμοῦ ἀνακοινοῖ ὅτι ἀπὸ τῆς 17ης Ὀκτωβρίου τίθενται ὑπὸ τάσιν νέα δίκτυα εἰς τὰς κάτωθι περιοχάς.

Ἐκ τῆς ΔΕΗ
ΑΓΓΛΙΚΑ ΓΑΛΛΙΚΑ ΚΟΚΚΙΝΟΣ
ΚΕΝΤΡΙΚΟΝ: ΦΙΛΕΛΛΗΝΩΝ ΑΡ. 5
ΠΑΡΑΡΤΗΜΑ: Τ. ΟΙΚΟΝΟΜΙΔΗ 48
